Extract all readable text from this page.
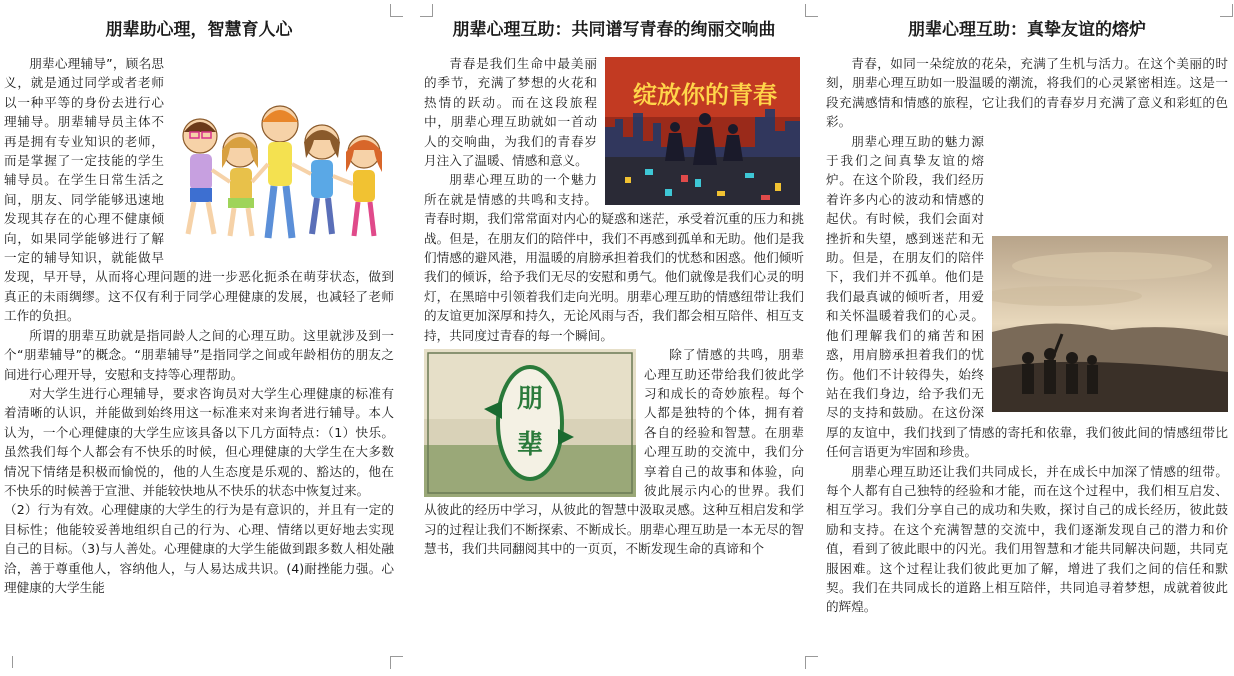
朋辈助心理，智慧育人心

朋辈心理辅导”，顾名思义，就是通过同学或者老师以一种平等的身份去进行心理辅导。朋辈辅导员主体不再是拥有专业知识的老师，而是掌握了一定技能的学生辅导员。在学生日常生活之间，朋友、同学能够迅速地发现其存在的心理不健康倾向，如果同学能够进行了解一定的辅导知识，就能做早发现，早开导，从而将心理问题的进一步恶化扼杀在萌芽状态，做到真正的未雨绸缪。这不仅有利于同学心理健康的发展，也减轻了老师工作的负担。

所谓的朋辈互助就是指同龄人之间的心理互助。这里就涉及到一个“朋辈辅导”的概念。“朋辈辅导”是指同学之间或年龄相仿的朋友之间进行心理开导，安慰和支持等心理帮助。

对大学生进行心理辅导，要求咨询员对大学生心理健康的标准有着清晰的认识，并能做到始终用这一标准来对来询者进行辅导。本人认为，一个心理健康的大学生应该具备以下几方面特点：（1）快乐。虽然我们每个人都会有不快乐的时候，但心理健康的大学生在大多数情况下情绪是积极而愉悦的，他的人生态度是乐观的、豁达的，他在不快乐的时候善于宣泄、并能较快地从不快乐的状态中恢复过来。

（2）行为有效。心理健康的大学生的行为是有意识的，并且有一定的目标性；他能较妥善地组织自己的行为、心理、情绪以更好地去实现自己的目标。（3)与人善处。心理健康的大学生能做到跟多数人相处融洽，善于尊重他人，容纳他人，与人易达成共识。(4)耐挫能力强。心理健康的大学生能

朋辈心理互助：共同谱写青春的绚丽交响曲
绽放你的青春

青春是我们生命中最美丽的季节，充满了梦想的火花和热情的跃动。而在这段旅程中，朋辈心理互助就如一首动人的交响曲，为我们的青春岁月注入了温暖、情感和意义。

朋辈心理互助的一个魅力所在就是情感的共鸣和支持。青春时期，我们常常面对内心的疑惑和迷茫，承受着沉重的压力和挑战。但是，在朋友们的陪伴中，我们不再感到孤单和无助。他们是我们情感的避风港，用温暖的肩膀承担着我们的忧愁和困惑。他们倾听我们的倾诉，给予我们无尽的安慰和勇气。他们就像是我们心灵的明灯，在黑暗中引领着我们走向光明。朋辈心理互助的情感纽带让我们的友谊更加深厚和持久，无论风雨与否，我们都会相互陪伴、相互支持，共同度过青春的每一个瞬间。

朋
辈

除了情感的共鸣，朋辈心理互助还带给我们彼此学习和成长的奇妙旅程。每个人都是独特的个体，拥有着各自的经验和智慧。在朋辈心理互助的交流中，我们分享着自己的故事和体验，向彼此展示内心的世界。我们从彼此的经历中学习，从彼此的智慧中汲取灵感。这种互相启发和学习的过程让我们不断探索、不断成长。朋辈心理互助是一本无尽的智慧书，我们共同翻阅其中的一页页，不断发现生命的真谛和个

朋辈心理互助：真挚友谊的熔炉

青春，如同一朵绽放的花朵，充满了生机与活力。在这个美丽的时刻，朋辈心理互助如一股温暖的潮流，将我们的心灵紧密相连。这是一段充满感情和情感的旅程，它让我们的青春岁月充满了意义和彩虹的色彩。

朋辈心理互助的魅力源于我们之间真挚友谊的熔炉。在这个阶段，我们经历着许多内心的波动和情感的起伏。有时候，我们会面对挫折和失望，感到迷茫和无助。但是，在朋友们的陪伴下，我们并不孤单。他们是我们最真诚的倾听者，用爱和关怀温暖着我们的心灵。他们理解我们的痛苦和困惑，用肩膀承担着我们的忧伤。他们不计较得失，始终站在我们身边，给予我们无尽的支持和鼓励。在这份深厚的友谊中，我们找到了情感的寄托和依靠，我们彼此间的情感纽带比任何言语更为牢固和珍贵。

朋辈心理互助还让我们共同成长，并在成长中加深了情感的纽带。每个人都有自己独特的经验和才能，而在这个过程中，我们相互启发、相互学习。我们分享自己的成功和失败，探讨自己的成长经历，彼此鼓励和支持。在这个充满智慧的交流中，我们逐渐发现自己的潜力和价值，看到了彼此眼中的闪光。我们用智慧和才能共同解决问题，共同克服困难。这个过程让我们彼此更加了解，增进了我们之间的信任和默契。我们在共同成长的道路上相互陪伴，共同追寻着梦想，成就着彼此的辉煌。
